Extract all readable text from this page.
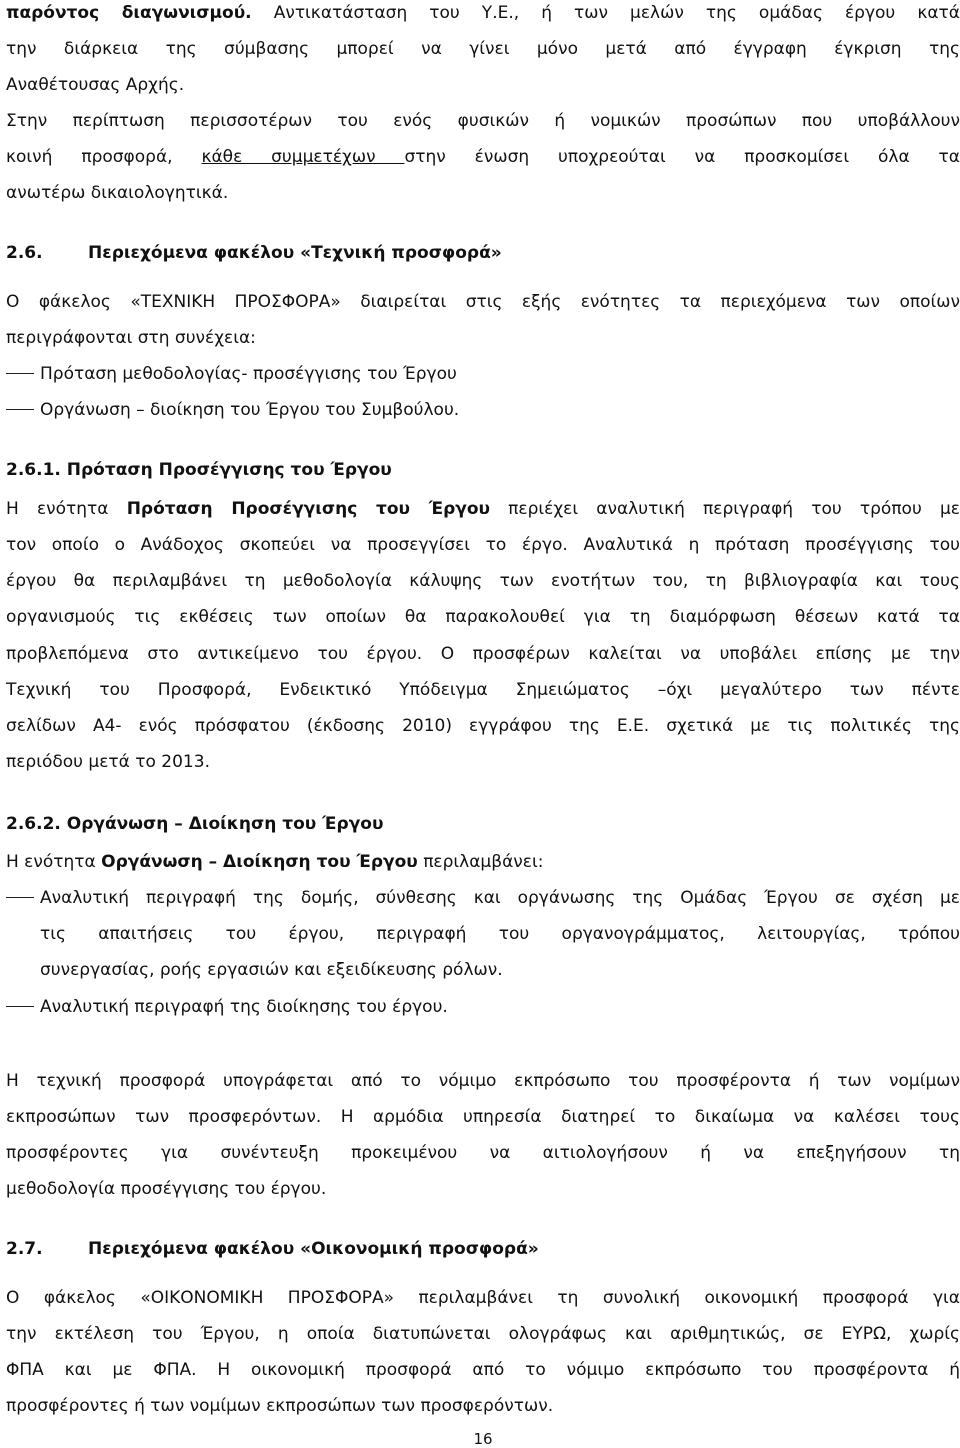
παρόντος διαγωνισμού. Αντικατάσταση του Υ.Ε., ή των μελών της ομάδας έργου κατά
την διάρκεια της σύμβασης μπορεί να γίνει μόνο μετά από έγγραφη έγκριση της
Αναθέτουσας Αρχής.
Στην περίπτωση περισσοτέρων του ενός φυσικών ή νομικών προσώπων που υποβάλλουν
κοινή προσφορά, κάθε συμμετέχων στην ένωση υποχρεούται να προσκομίσει όλα τα
ανωτέρω δικαιολογητικά.
2.6.	Περιεχόμενα φακέλου «Τεχνική προσφορά»
Ο φάκελος «ΤΕΧΝΙΚΗ ΠΡΟΣΦΟΡΑ» διαιρείται στις εξής ενότητες τα περιεχόμενα των οποίων
περιγράφονται στη συνέχεια:
Πρόταση μεθοδολογίας- προσέγγισης του Έργου
Οργάνωση – διοίκηση του Έργου του Συμβούλου.
2.6.1. Πρόταση Προσέγγισης του Έργου
Η ενότητα Πρόταση Προσέγγισης του Έργου περιέχει αναλυτική περιγραφή του τρόπου με
τον οποίο ο Ανάδοχος σκοπεύει να προσεγγίσει το έργο. Αναλυτικά η πρόταση προσέγγισης του
έργου θα περιλαμβάνει τη μεθοδολογία κάλυψης των ενοτήτων του, τη βιβλιογραφία και τους
οργανισμούς τις εκθέσεις των οποίων θα παρακολουθεί για τη διαμόρφωση θέσεων κατά τα
προβλεπόμενα στο αντικείμενο του έργου. Ο προσφέρων καλείται να υποβάλει επίσης με την
Τεχνική του Προσφορά, Ενδεικτικό Υπόδειγμα Σημειώματος –όχι μεγαλύτερο των πέντε
σελίδων Α4- ενός πρόσφατου (έκδοσης 2010) εγγράφου της Ε.Ε. σχετικά με τις πολιτικές της
περιόδου μετά το 2013.
2.6.2. Οργάνωση – Διοίκηση του Έργου
Η ενότητα Οργάνωση – Διοίκηση του Έργου περιλαμβάνει:
Αναλυτική περιγραφή της δομής, σύνθεσης και οργάνωσης της Ομάδας Έργου σε σχέση με
τις απαιτήσεις του έργου, περιγραφή του οργανογράμματος, λειτουργίας, τρόπου
συνεργασίας, ροής εργασιών και εξειδίκευσης ρόλων.
Αναλυτική περιγραφή της διοίκησης του έργου.
Η τεχνική προσφορά υπογράφεται από το νόμιμο εκπρόσωπο του προσφέροντα ή των νομίμων
εκπροσώπων των προσφερόντων. Η αρμόδια υπηρεσία διατηρεί το δικαίωμα να καλέσει τους
προσφέροντες για συνέντευξη προκειμένου να αιτιολογήσουν ή να επεξηγήσουν τη
μεθοδολογία προσέγγισης του έργου.
2.7.	Περιεχόμενα φακέλου «Οικονομική προσφορά»
Ο φάκελος «ΟΙΚΟΝΟΜΙΚΗ ΠΡΟΣΦΟΡΑ» περιλαμβάνει τη συνολική οικονομική προσφορά για
την εκτέλεση του Έργου, η οποία διατυπώνεται ολογράφως και αριθμητικώς, σε ΕΥΡΩ, χωρίς
ΦΠΑ και με ΦΠΑ. Η οικονομική προσφορά από το νόμιμο εκπρόσωπο του προσφέροντα ή
προσφέροντες ή των νομίμων εκπροσώπων των προσφερόντων.
16
